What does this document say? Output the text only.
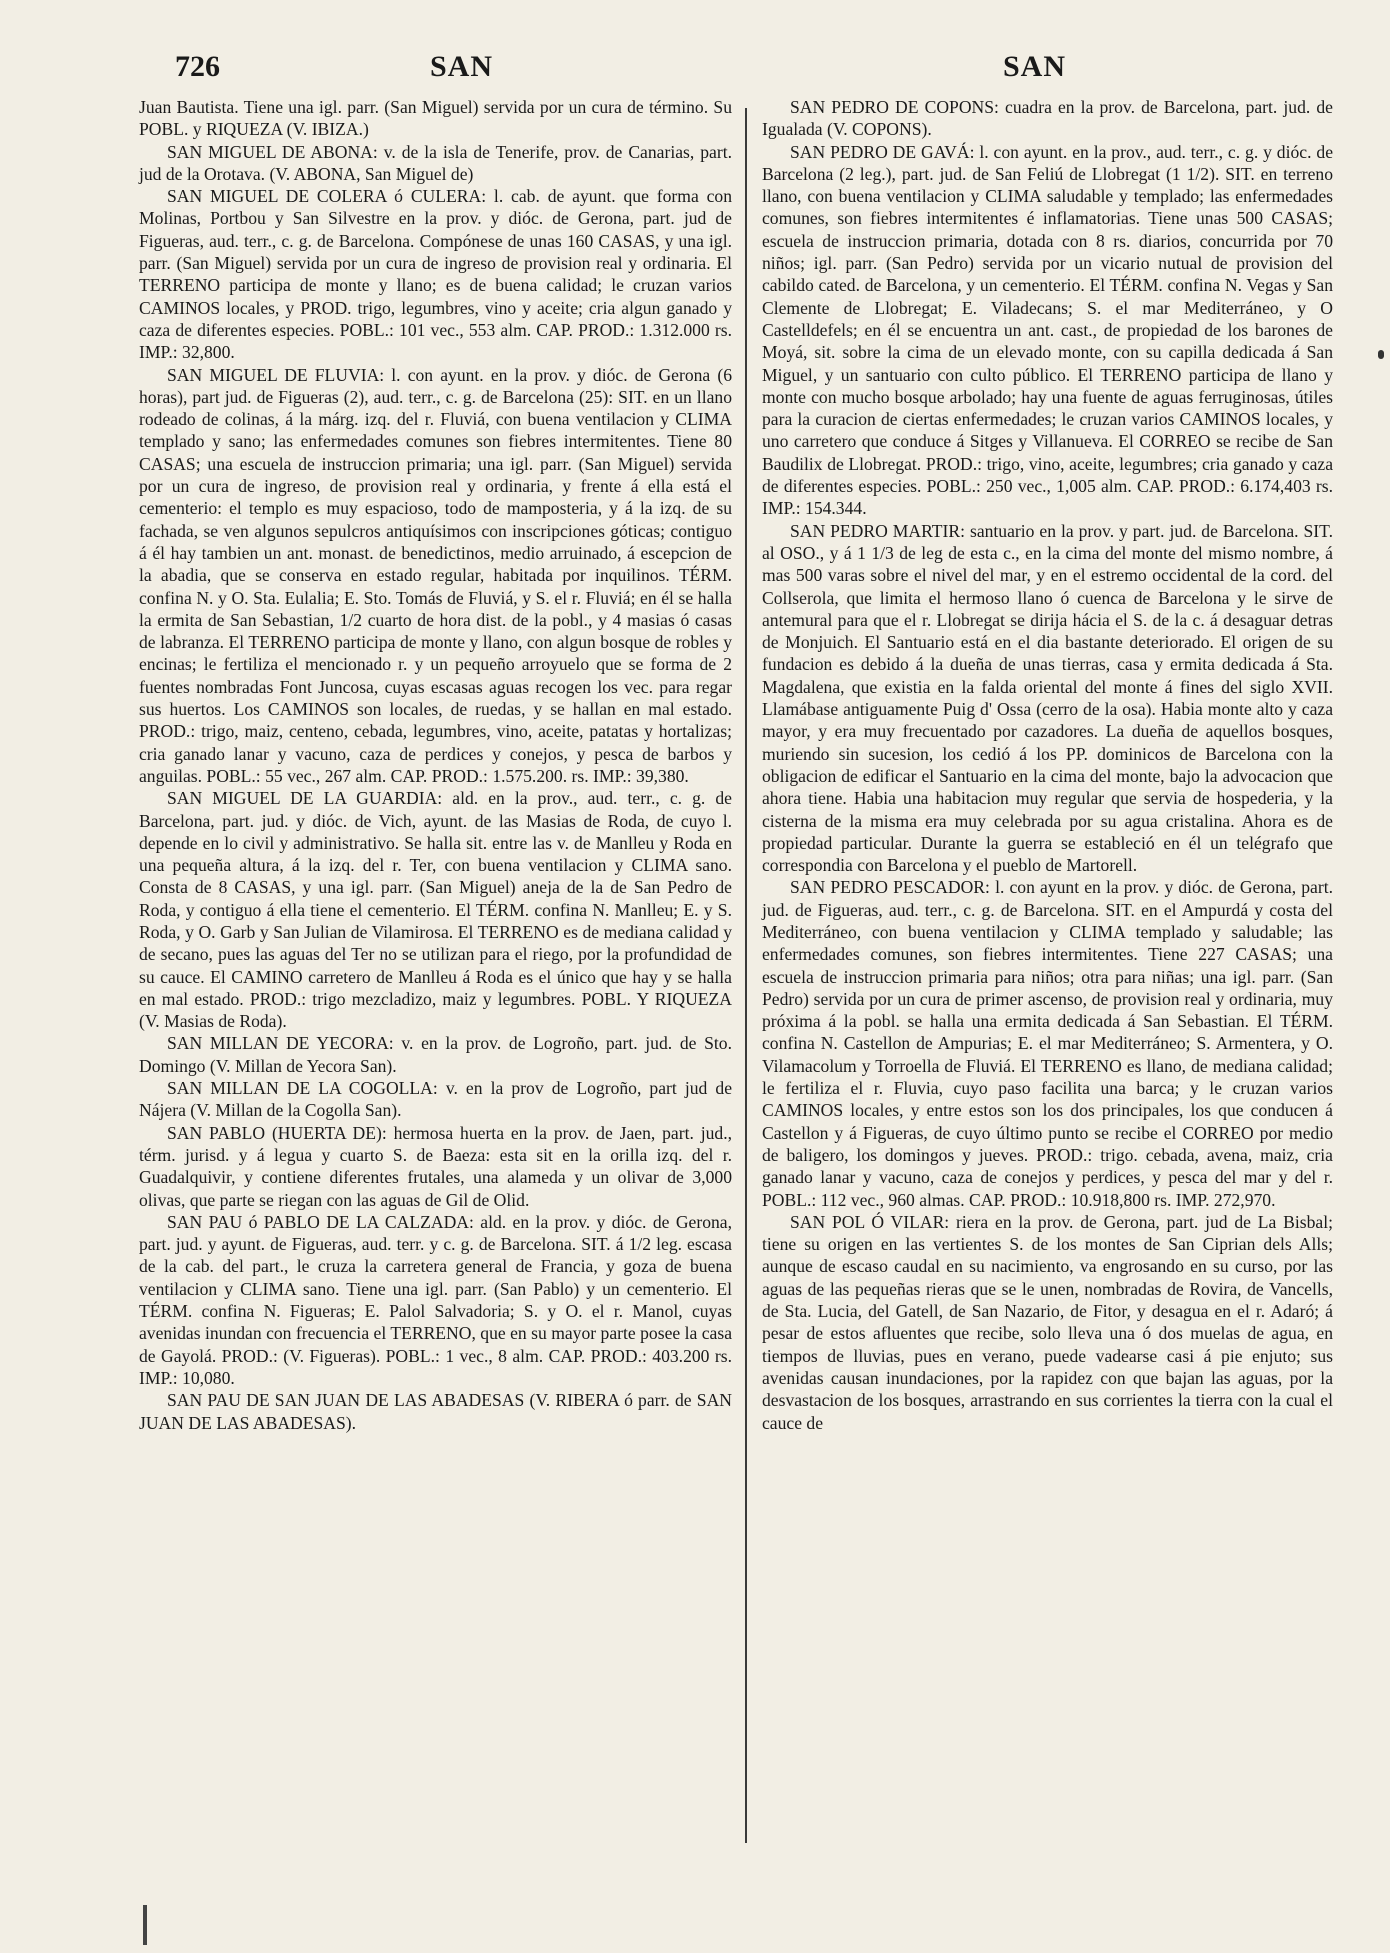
726	SAN	SAN

Juan Bautista. Tiene una igl. parr. (San Miguel) servida por un cura de término. Su POBL. y RIQUEZA (V. IBIZA.)

SAN MIGUEL DE ABONA: v. de la isla de Tenerife, prov. de Canarias, part. jud de la Orotava. (V. ABONA, San Miguel de)

SAN MIGUEL DE COLERA ó CULERA: l. cab. de ayunt. que forma con Molinas, Portbou y San Silvestre en la prov. y dióc. de Gerona, part. jud de Figueras, aud. terr., c. g. de Barcelona. Compónese de unas 160 CASAS, y una igl. parr. (San Miguel) servida por un cura de ingreso de provision real y ordinaria. El TERRENO participa de monte y llano; es de buena calidad; le cruzan varios CAMINOS locales, y PROD. trigo, legumbres, vino y aceite; cria algun ganado y caza de diferentes especies. POBL.: 101 vec., 553 alm. CAP. PROD.: 1.312.000 rs. IMP.: 32,800.

SAN MIGUEL DE FLUVIA: l. con ayunt. en la prov. y dióc. de Gerona (6 horas), part jud. de Figueras (2), aud. terr., c. g. de Barcelona (25): SIT. en un llano rodeado de colinas, á la márg. izq. del r. Fluviá, con buena ventilacion y CLIMA templado y sano; las enfermedades comunes son fiebres intermitentes. Tiene 80 CASAS; una escuela de instruccion primaria; una igl. parr. (San Miguel) servida por un cura de ingreso, de provision real y ordinaria, y frente á ella está el cementerio: el templo es muy espacioso, todo de mamposteria, y á la izq. de su fachada, se ven algunos sepulcros antiquísimos con inscripciones góticas; contiguo á él hay tambien un ant. monast. de benedictinos, medio arruinado, á escepcion de la abadia, que se conserva en estado regular, habitada por inquilinos. TÉRM. confina N. y O. Sta. Eulalia; E. Sto. Tomás de Fluviá, y S. el r. Fluviá; en él se halla la ermita de San Sebastian, 1/2 cuarto de hora dist. de la pobl., y 4 masias ó casas de labranza. El TERRENO participa de monte y llano, con algun bosque de robles y encinas; le fertiliza el mencionado r. y un pequeño arroyuelo que se forma de 2 fuentes nombradas Font Juncosa, cuyas escasas aguas recogen los vec. para regar sus huertos. Los CAMINOS son locales, de ruedas, y se hallan en mal estado. PROD.: trigo, maiz, centeno, cebada, legumbres, vino, aceite, patatas y hortalizas; cria ganado lanar y vacuno, caza de perdices y conejos, y pesca de barbos y anguilas. POBL.: 55 vec., 267 alm. CAP. PROD.: 1.575.200. rs. IMP.: 39,380.

SAN MIGUEL DE LA GUARDIA: ald. en la prov., aud. terr., c. g. de Barcelona, part. jud. y dióc. de Vich, ayunt. de las Masias de Roda, de cuyo l. depende en lo civil y administrativo. Se halla sit. entre las v. de Manlleu y Roda en una pequeña altura, á la izq. del r. Ter, con buena ventilacion y CLIMA sano. Consta de 8 CASAS, y una igl. parr. (San Miguel) aneja de la de San Pedro de Roda, y contiguo á ella tiene el cementerio. El TÉRM. confina N. Manlleu; E. y S. Roda, y O. Garb y San Julian de Vilamirosa. El TERRENO es de mediana calidad y de secano, pues las aguas del Ter no se utilizan para el riego, por la profundidad de su cauce. El CAMINO carretero de Manlleu á Roda es el único que hay y se halla en mal estado. PROD.: trigo mezcladizo, maiz y legumbres. POBL. Y RIQUEZA (V. Masias de Roda).

SAN MILLAN DE YECORA: v. en la prov. de Logroño, part. jud. de Sto. Domingo (V. Millan de Yecora San).

SAN MILLAN DE LA COGOLLA: v. en la prov de Logroño, part jud de Nájera (V. Millan de la Cogolla San).

SAN PABLO (HUERTA DE): hermosa huerta en la prov. de Jaen, part. jud., térm. jurisd. y á legua y cuarto S. de Baeza: esta sit en la orilla izq. del r. Guadalquivir, y contiene diferentes frutales, una alameda y un olivar de 3,000 olivas, que parte se riegan con las aguas de Gil de Olid.

SAN PAU ó PABLO DE LA CALZADA: ald. en la prov. y dióc. de Gerona, part. jud. y ayunt. de Figueras, aud. terr. y c. g. de Barcelona. SIT. á 1/2 leg. escasa de la cab. del part., le cruza la carretera general de Francia, y goza de buena ventilacion y CLIMA sano. Tiene una igl. parr. (San Pablo) y un cementerio. El TÉRM. confina N. Figueras; E. Palol Salvadoria; S. y O. el r. Manol, cuyas avenidas inundan con frecuencia el TERRENO, que en su mayor parte posee la casa de Gayolá. PROD.: (V. Figueras). POBL.: 1 vec., 8 alm. CAP. PROD.: 403.200 rs. IMP.: 10,080.

SAN PAU DE SAN JUAN DE LAS ABADESAS (V. RIBERA ó parr. de SAN JUAN DE LAS ABADESAS).

SAN PEDRO DE COPONS: cuadra en la prov. de Barcelona, part. jud. de Igualada (V. COPONS).

SAN PEDRO DE GAVÁ: l. con ayunt. en la prov., aud. terr., c. g. y dióc. de Barcelona (2 leg.), part. jud. de San Feliú de Llobregat (1 1/2). SIT. en terreno llano, con buena ventilacion y CLIMA saludable y templado; las enfermedades comunes, son fiebres intermitentes é inflamatorias. Tiene unas 500 CASAS; escuela de instruccion primaria, dotada con 8 rs. diarios, concurrida por 70 niños; igl. parr. (San Pedro) servida por un vicario nutual de provision del cabildo cated. de Barcelona, y un cementerio. El TÉRM. confina N. Vegas y San Clemente de Llobregat; E. Viladecans; S. el mar Mediterráneo, y O Castelldefels; en él se encuentra un ant. cast., de propiedad de los barones de Moyá, sit. sobre la cima de un elevado monte, con su capilla dedicada á San Miguel, y un santuario con culto público. El TERRENO participa de llano y monte con mucho bosque arbolado; hay una fuente de aguas ferruginosas, útiles para la curacion de ciertas enfermedades; le cruzan varios CAMINOS locales, y uno carretero que conduce á Sitges y Villanueva. El CORREO se recibe de San Baudilix de Llobregat. PROD.: trigo, vino, aceite, legumbres; cria ganado y caza de diferentes especies. POBL.: 250 vec., 1,005 alm. CAP. PROD.: 6.174,403 rs. IMP.: 154.344.

SAN PEDRO MARTIR: santuario en la prov. y part. jud. de Barcelona. SIT. al OSO., y á 1 1/3 de leg de esta c., en la cima del monte del mismo nombre, á mas 500 varas sobre el nivel del mar, y en el estremo occidental de la cord. del Collserola, que limita el hermoso llano ó cuenca de Barcelona y le sirve de antemural para que el r. Llobregat se dirija hácia el S. de la c. á desaguar detras de Monjuich. El Santuario está en el dia bastante deteriorado. El origen de su fundacion es debido á la dueña de unas tierras, casa y ermita dedicada á Sta. Magdalena, que existia en la falda oriental del monte á fines del siglo XVII. Llamábase antiguamente Puig d' Ossa (cerro de la osa). Habia monte alto y caza mayor, y era muy frecuentado por cazadores. La dueña de aquellos bosques, muriendo sin sucesion, los cedió á los PP. dominicos de Barcelona con la obligacion de edificar el Santuario en la cima del monte, bajo la advocacion que ahora tiene. Habia una habitacion muy regular que servia de hospederia, y la cisterna de la misma era muy celebrada por su agua cristalina. Ahora es de propiedad particular. Durante la guerra se estableció en él un telégrafo que correspondia con Barcelona y el pueblo de Martorell.

SAN PEDRO PESCADOR: l. con ayunt en la prov. y dióc. de Gerona, part. jud. de Figueras, aud. terr., c. g. de Barcelona. SIT. en el Ampurdá y costa del Mediterráneo, con buena ventilacion y CLIMA templado y saludable; las enfermedades comunes, son fiebres intermitentes. Tiene 227 CASAS; una escuela de instruccion primaria para niños; otra para niñas; una igl. parr. (San Pedro) servida por un cura de primer ascenso, de provision real y ordinaria, muy próxima á la pobl. se halla una ermita dedicada á San Sebastian. El TÉRM. confina N. Castellon de Ampurias; E. el mar Mediterráneo; S. Armentera, y O. Vilamacolum y Torroella de Fluviá. El TERRENO es llano, de mediana calidad; le fertiliza el r. Fluvia, cuyo paso facilita una barca; y le cruzan varios CAMINOS locales, y entre estos son los dos principales, los que conducen á Castellon y á Figueras, de cuyo último punto se recibe el CORREO por medio de baligero, los domingos y jueves. PROD.: trigo. cebada, avena, maiz, cria ganado lanar y vacuno, caza de conejos y perdices, y pesca del mar y del r. POBL.: 112 vec., 960 almas. CAP. PROD.: 10.918,800 rs. IMP. 272,970.

SAN POL Ó VILAR: riera en la prov. de Gerona, part. jud de La Bisbal; tiene su origen en las vertientes S. de los montes de San Ciprian dels Alls; aunque de escaso caudal en su nacimiento, va engrosando en su curso, por las aguas de las pequeñas rieras que se le unen, nombradas de Rovira, de Vancells, de Sta. Lucia, del Gatell, de San Nazario, de Fitor, y desagua en el r. Adaró; á pesar de estos afluentes que recibe, solo lleva una ó dos muelas de agua, en tiempos de lluvias, pues en verano, puede vadearse casi á pie enjuto; sus avenidas causan inundaciones, por la rapidez con que bajan las aguas, por la desvastacion de los bosques, arrastrando en sus corrientes la tierra con la cual el cauce de
